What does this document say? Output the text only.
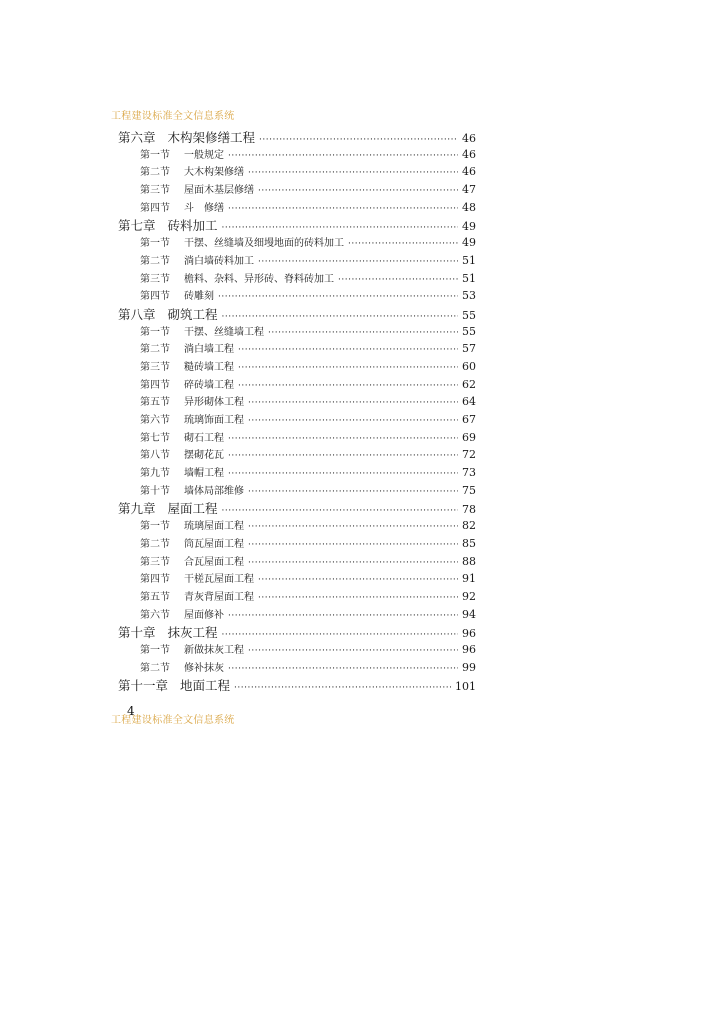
工程建设标准全文信息系统
第六章 木构架修缮工程 ·····	46
第一节	一般规定 ·····	46
第二节	大木构架修缮 ·····	46
第三节	屋面木基层修缮 ·····	47
第四节	斗　修缮 ·····	48
第七章 砖料加工 ·····	49
第一节	干摆、丝缝墙及细墁地面的砖料加工 ·····	49
第二节	淌白墙砖料加工 ·····	51
第三节	檐料、杂料、异形砖、脊料砖加工 ·····	51
第四节	砖雕刻 ·····	53
第八章 砌筑工程 ·····	55
第一节	干摆、丝缝墙工程 ·····	55
第二节	淌白墙工程 ·····	57
第三节	糙砖墙工程 ·····	60
第四节	碎砖墙工程 ·····	62
第五节	异形砌体工程 ·····	64
第六节	琉璃饰面工程 ·····	67
第七节	砌石工程 ·····	69
第八节	摆砌花瓦 ·····	72
第九节	墙帽工程 ·····	73
第十节	墙体局部维修 ·····	75
第九章 屋面工程 ·····	78
第一节	琉璃屋面工程 ·····	82
第二节	筒瓦屋面工程 ·····	85
第三节	合瓦屋面工程 ·····	88
第四节	干槎瓦屋面工程 ·····	91
第五节	青灰背屋面工程 ·····	92
第六节	屋面修补 ·····	94
第十章 抹灰工程 ·····	96
第一节	新做抹灰工程 ·····	96
第二节	修补抹灰 ·····	99
第十一章 地面工程 ·····	101
工程建设标准全文信息系统
4
